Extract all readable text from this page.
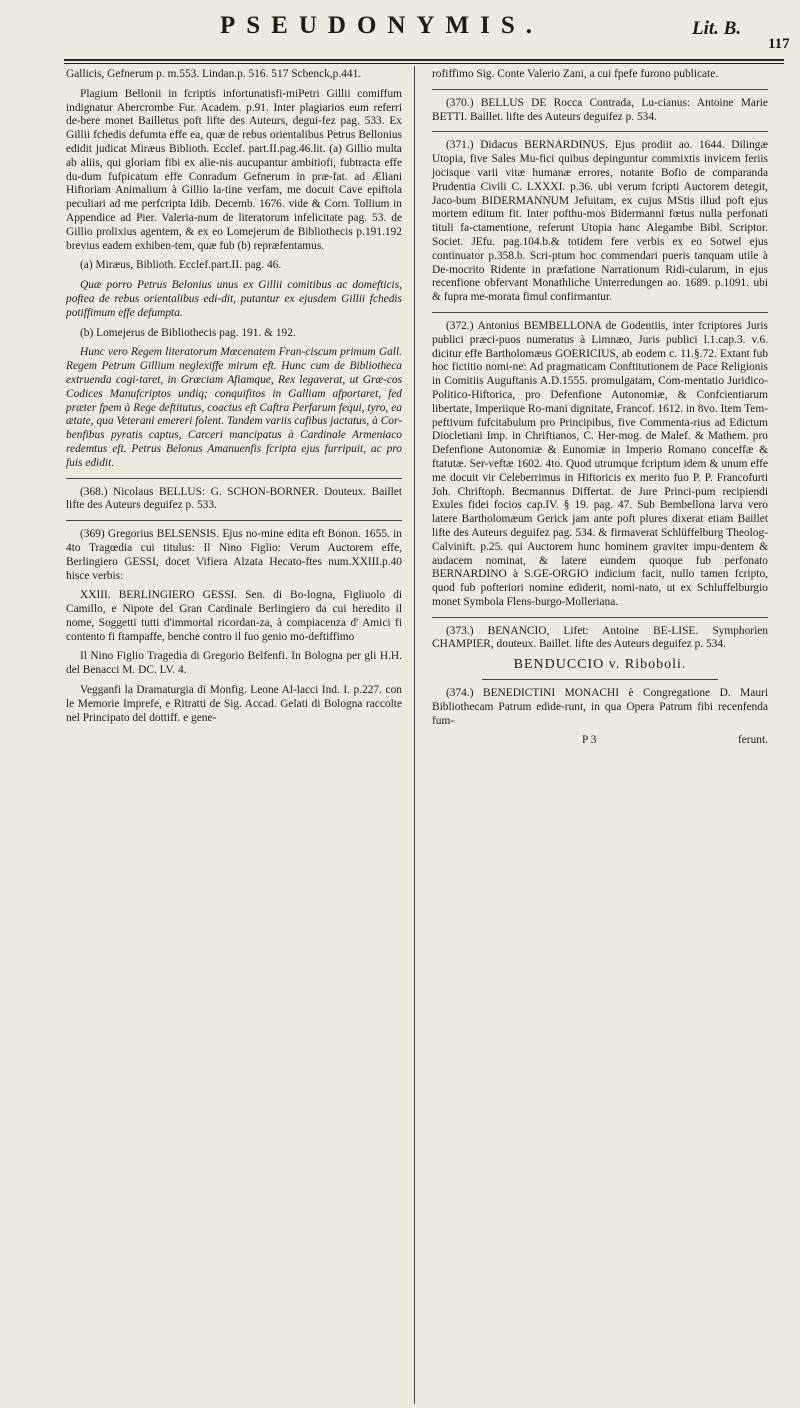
PSEUDONYMIS.	Lit. B.
117

Gallicis, Gefnerum p. m.553. Lindan.p. 516. 517 Scbenck,p.441.

Plagium Bellonii in fcriptis infortunatisfi-miPetri Gillii comiffum indignatur Abercrombe Fur. Academ. p.91. Inter plagiarios eum referri de-bere monet Bailletus poft lifte des Auteurs, degui-fez pag. 533. Ex Gillii fchedis defumta effe ea, quæ de rebus orientalibus Petrus Bellonius edidit judicat Miræus Biblioth. Ecclef. part.II.pag.46.lit. (a) Gillio multa ab aliis, qui gloriam fibi ex alie-nis aucupantur ambitiofi, fubtracta effe du-dum fufpicatum effe Conradum Gefnerum in præ-fat. ad Æliani Hiftoriam Animalium à Gillio la-tine verfam, me docuit Cave epiftola peculiari ad me perfcripta Idib. Decemb. 1676. vide & Corn. Tollium in Appendice ad Pier. Valeria-num de literatorum infelicitate pag. 53. de Gillio prolixius agentem, & ex eo Lomejerum de Bibliothecis p.191.192 brevius eadem exhiben-tem, quæ fub (b) repræfentamus.

(a) Miræus, Biblioth. Ecclef.part.II. pag. 46.

Quæ porro Petrus Belonius unus ex Gillii comitibus ac domefticis, poftea de rebus orientalibus edi-dit, putantur ex ejusdem Gillii fchedis potiffimum effe defumpta.

(b) Lomejerus de Bibliothecis pag. 191. & 192.

Hunc vero Regem literatorum Mœcenatem Fran-ciscum primum Gall. Regem Petrum Gillium neglexiffe mirum eft. Hunc cum de Bibliotheca extruenda cogi-taret, in Græciam Afiamque, Rex legaverat, ut Græ-cos Codices Manufcriptos undiq; conquifitos in Galliam afportaret, fed præter fpem à Rege deftitutus, coactus eft Caftra Perfarum fequi, tyro, ea ætate, qua Veterani emereri folent. Tandem variis cafibus jactatus, à Cor-benfibus pyratis captus, Carceri mancipatus à Cardinale Armeniaco redemtus eft. Petrus Belonus Amanuenfis fcripta ejus furripuit, ac pro fuis edidit.

(368.) Nicolaus BELLUS: G. SCHON-BORNER. Douteux. Baillet lifte des Auteurs deguifez p. 533.

(369) Gregorius BELSENSIS. Ejus no-mine edita eft Bonon. 1655. in 4to Tragœdia cui titulus: Il Nino Figlio: Verum Auctorem effe, Berlingiero GESSI, docet Vifiera Alzata Hecato-ftes num.XXIII.p.40 hisce verbis:

XXIII. BERLINGIERO GESSI. Sen. di Bo-logna, Figliuolo di Camillo, e Nipote del Gran Cardinale Berlingiero da cui heredito il nome, Soggetti tutti d'immortal ricordan-za, à compiacenza d' Amici fi contento fi ftampaffe, benche contro il fuo genio mo-deftiffimo

Il Nino Figlio Tragedia di Gregorio Belfenfi. In Bologna per gli H.H. del Benacci M. DC. LV. 4.

Vegganfi la Dramaturgia di Monfig. Leone Al-lacci Ind. I. p.227. con le Memorie Imprefe, e Ritratti de Sig. Accad. Gelati di Bologna raccolte nel Principato del dottiff. e gene-

rofiffimo Sig. Conte Valerio Zani, a cui fpefe furono publicate.

(370.) BELLUS DE Rocca Contrada, Lu-cianus: Antoine Marie BETTI. Baillet. lifte des Auteurs deguifez p. 534.

(371.) Didacus BERNARDINUS. Ejus prodiit ao. 1644. Dilingæ Utopia, five Sales Mu-fici quibus depinguntur commixtis invicem feriis jocisque varii vitæ humanæ errores, notante Bofio de comparanda Prudentia Civili C. LXXXI. p.36. ubi verum fcripti Auctorem detegit, Jaco-bum BIDERMANNUM Jefuitam, ex cujus MStis illud poft ejus mortem editum fit. Inter pofthu-mos Bidermanni fœtus nulla perfonati tituli fa-ctamentione, referunt Utopia hanc Alegambe Bibl. Scriptor. Societ. JEfu. pag.104.b.& totidem fere verbis ex eo Sotwel ejus continuator p.358.b. Scri-ptum hoc commendari pueris tanquam utile à De-mocrito Ridente in præfatione Narrationum Ridi-cularum, in ejus recenfione obfervant Monathliche Unterredungen ao. 1689. p.1091. ubi & fupra me-morata fimul confirmantur.

(372.) Antonius BEMBELLONA de Godentiis, inter fcriptores Juris publici præci-puos numeratus à Limnæo, Juris publici l.1.cap.3. v.6. dicitur effe Bartholomæus GOERICIUS, ab eodem c. 11.§.72. Extant fub hoc fictitio nomi-ne: Ad pragmaticam Conftitutionem de Pace Religionis in Comitiis Auguftanis A.D.1555. promulgatam, Com-mentatio Juridico-Politico-Hiftorica, pro Defenfione Autonomiæ, & Confcientiarum libertate, Imperiique Ro-mani dignitate, Francof. 1612. in 8vo. Item Tem-peftivum fufcitabulum pro Principibus, five Commenta-rius ad Edictum Diocletiani Imp. in Chriftianos, C. Her-mog. de Malef. & Mathem. pro Defenfione Autonomiæ & Eunomiæ in Imperio Romano conceffæ & ftatutæ. Ser-veftæ 1602. 4to. Quod utrumque fcriptum idem & unum effe me docuit vir Celeberrimus in Hiftoricis ex merito fuo P. P. Francofurti Joh. Chriftoph. Becmannus Differtat. de Jure Princi-pum recipiendi Exules fidei focios cap.IV. § 19. pag. 47. Sub Bembellona larva vero latere Bartholomæum Gerick jam ante poft plures dixerat etiam Baillet lifte des Auteurs deguifez pag. 534. & firmaverat Schlüffelburg Theolog-Calvinift. p.25. qui Auctorem hunc hominem graviter impu-dentem & audacem nominat, & latere eundem quoque fub perfonato BERNARDINO à S.GE-ORGIO indicium facit, nullo tamen fcripto, quod fub pofteriori nomine ediderit, nomi-nato, ut ex Schluffelburgio monet Symbola Flens-burgo-Molleriana.

(373.) BENANCIO, Lifet: Antoine BE-LISE. Symphorien CHAMPIER, douteux. Baillet. lifte des Auteurs deguifez p. 534.

BENDUCCIO v. Riboboli.

(374.) BENEDICTINI MONACHI è Congregatione D. Mauri Bibliothecam Patrum edide-runt, in qua Opera Patrum fibi recenfenda fum-

P 3	ferunt.
